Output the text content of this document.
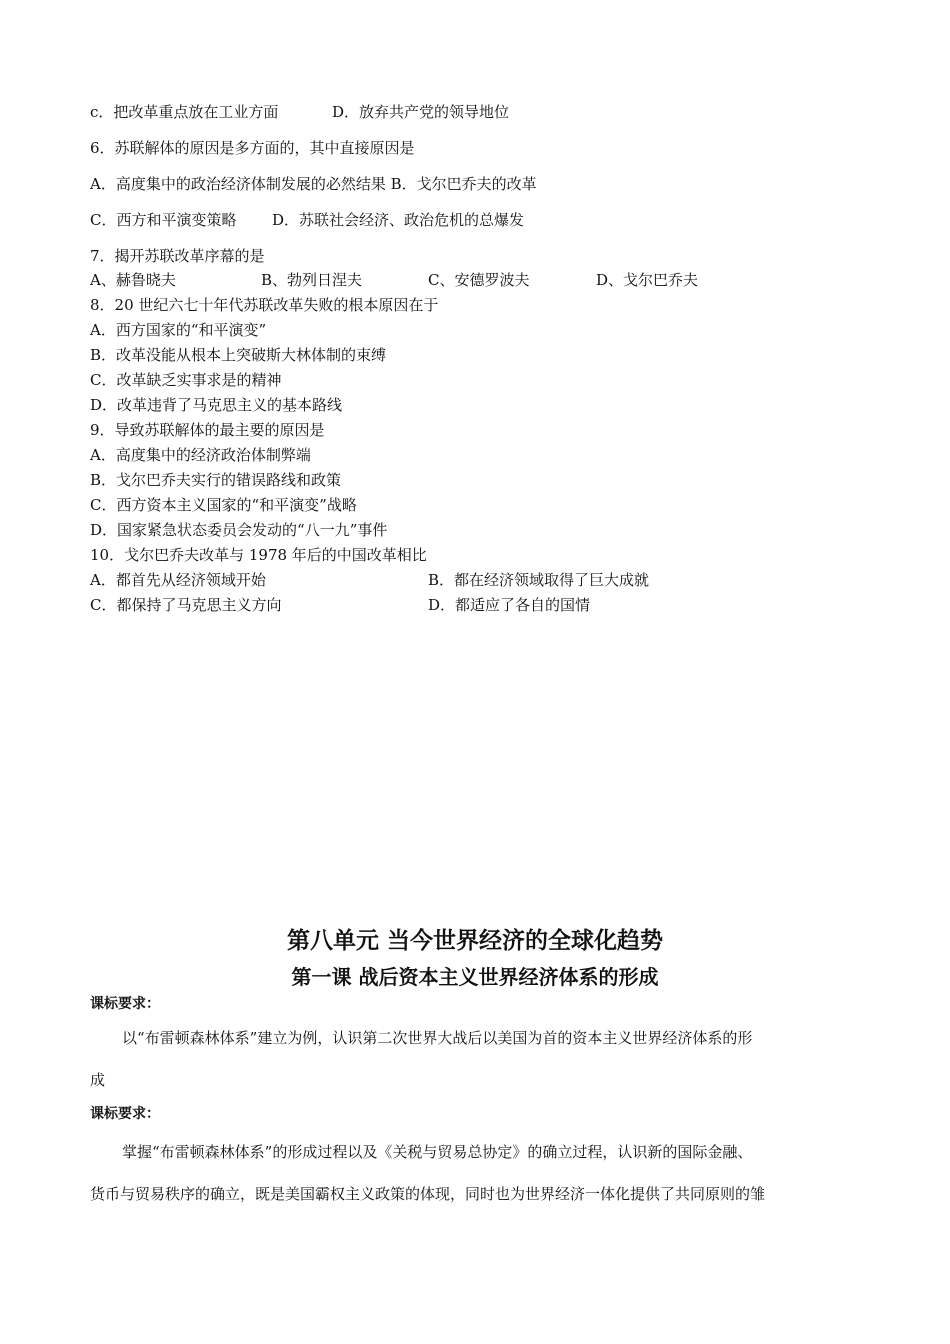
c．把改革重点放在工业方面	D．放弃共产党的领导地位
6．苏联解体的原因是多方面的，其中直接原因是
A．高度集中的政治经济体制发展的必然结果 B．戈尔巴乔夫的改革
C．西方和平演变策略 D．苏联社会经济、政治危机的总爆发
7．揭开苏联改革序幕的是
A、赫鲁晓夫	B、勃列日涅夫	C、安德罗波夫	D、戈尔巴乔夫
8．20 世纪六七十年代苏联改革失败的根本原因在于
A．西方国家的“和平演变”
B．改革没能从根本上突破斯大林体制的束缚
C．改革缺乏实事求是的精神
D．改革违背了马克思主义的基本路线
9．导致苏联解体的最主要的原因是
A．高度集中的经济政治体制弊端
B．戈尔巴乔夫实行的错误路线和政策
C．西方资本主义国家的“和平演变”战略
D．国家紧急状态委员会发动的“八一九”事件
10．戈尔巴乔夫改革与 1978 年后的中国改革相比
A．都首先从经济领域开始	B．都在经济领域取得了巨大成就
C．都保持了马克思主义方向	D．都适应了各自的国情
第八单元 当今世界经济的全球化趋势
第一课 战后资本主义世界经济体系的形成
课标要求：
以“布雷顿森林体系”建立为例，认识第二次世界大战后以美国为首的资本主义世界经济体系的形
成
课标要求：
掌握“布雷顿森林体系”的形成过程以及《关税与贸易总协定》的确立过程，认识新的国际金融、
货币与贸易秩序的确立，既是美国霸权主义政策的体现，同时也为世界经济一体化提供了共同原则的雏
